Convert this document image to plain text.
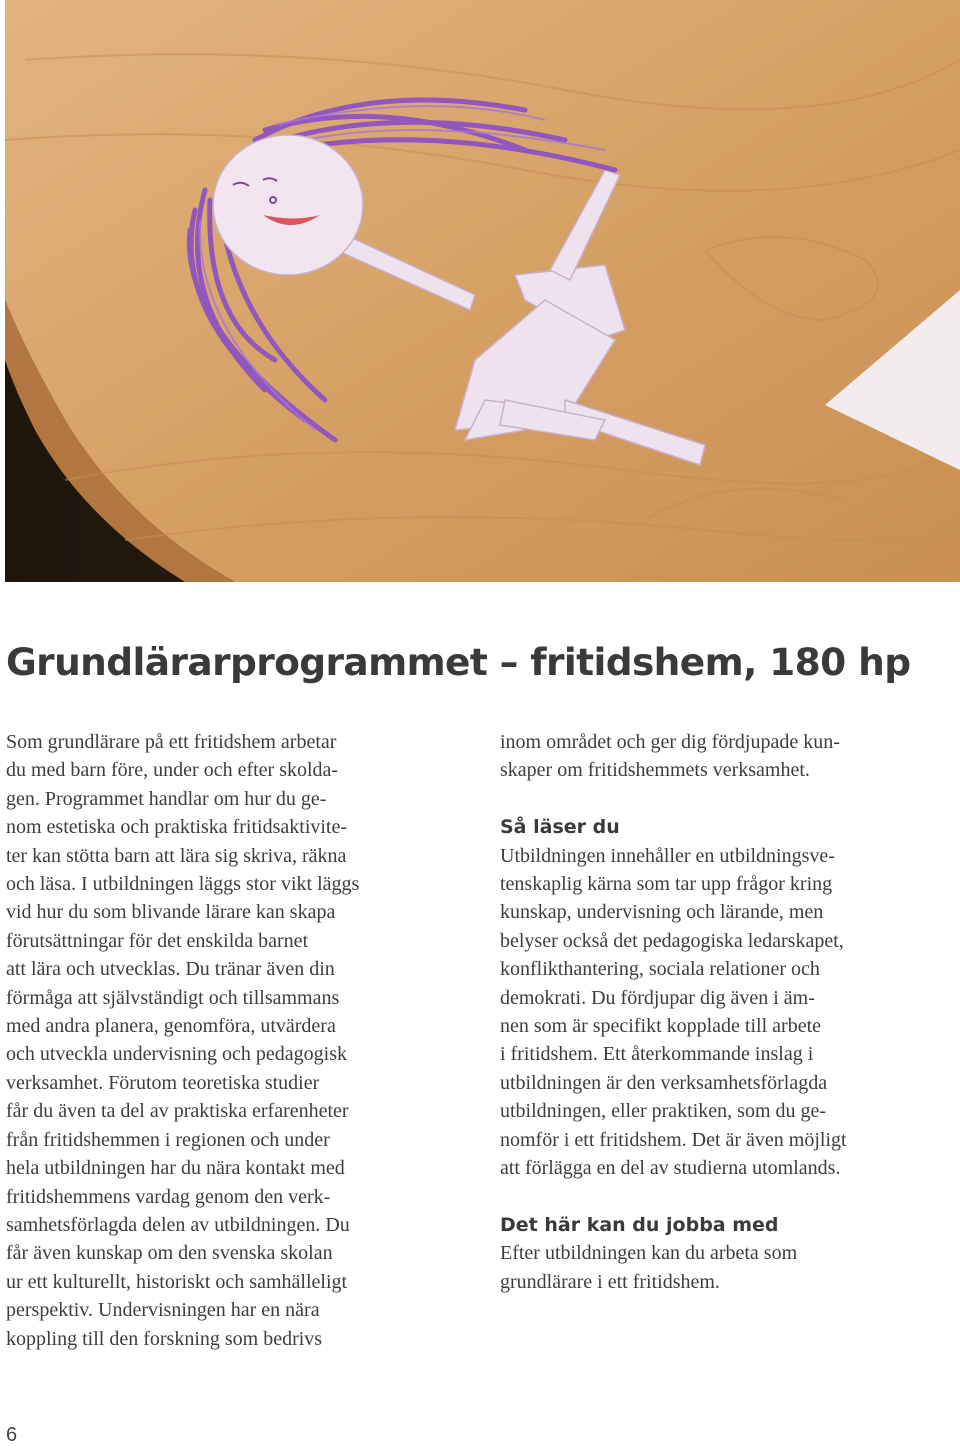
Grundlärarprogrammet – fritidshem, 180 hp

Som grundlärare på ett fritidshem arbetar
du med barn före, under och efter skolda-
gen. Programmet handlar om hur du ge-
nom estetiska och praktiska fritidsaktivite-
ter kan stötta barn att lära sig skriva, räkna
och läsa. I utbildningen läggs stor vikt läggs
vid hur du som blivande lärare kan skapa
förutsättningar för det enskilda barnet
att lära och utvecklas. Du tränar även din
förmåga att självständigt och tillsammans
med andra planera, genomföra, utvärdera
och utveckla undervisning och pedagogisk
verksamhet. Förutom teoretiska studier
får du även ta del av praktiska erfarenheter
från fritidshemmen i regionen och under
hela utbildningen har du nära kontakt med
fritidshemmens vardag genom den verk-
samhetsförlagda delen av utbildningen. Du
får även kunskap om den svenska skolan
ur ett kulturellt, historiskt och samhälleligt
perspektiv. Undervisningen har en nära
koppling till den forskning som bedrivs

inom området och ger dig fördjupade kun-
skaper om fritidshemmets verksamhet.

Så läser du

Utbildningen innehåller en utbildningsve-
tenskaplig kärna som tar upp frågor kring
kunskap, undervisning och lärande, men
belyser också det pedagogiska ledarskapet,
konflikthantering, sociala relationer och
demokrati. Du fördjupar dig även i äm-
nen som är specifikt kopplade till arbete
i fritidshem. Ett återkommande inslag i
utbildningen är den verksamhetsförlagda
utbildningen, eller praktiken, som du ge-
nomför i ett fritidshem. Det är även möjligt
att förlägga en del av studierna utomlands.

Det här kan du jobba med

Efter utbildningen kan du arbeta som
grundlärare i ett fritidshem.

6
